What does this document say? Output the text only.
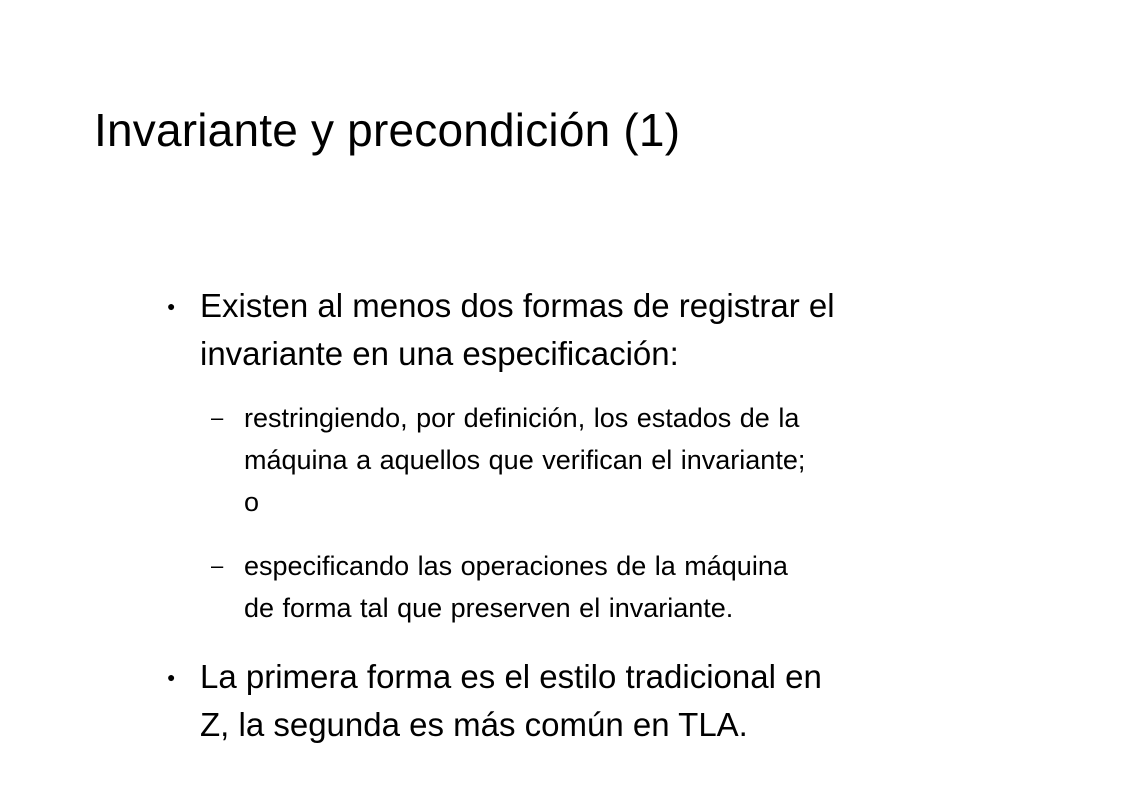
Invariante y precondición (1)
● Existen al menos dos formas de registrar el
invariante en una especificación:
– restringiendo, por definición, los estados de la
máquina a aquellos que verifican el invariante;
o
– especificando las operaciones de la máquina
de forma tal que preserven el invariante.
● La primera forma es el estilo tradicional en
Z, la segunda es más común en TLA.
